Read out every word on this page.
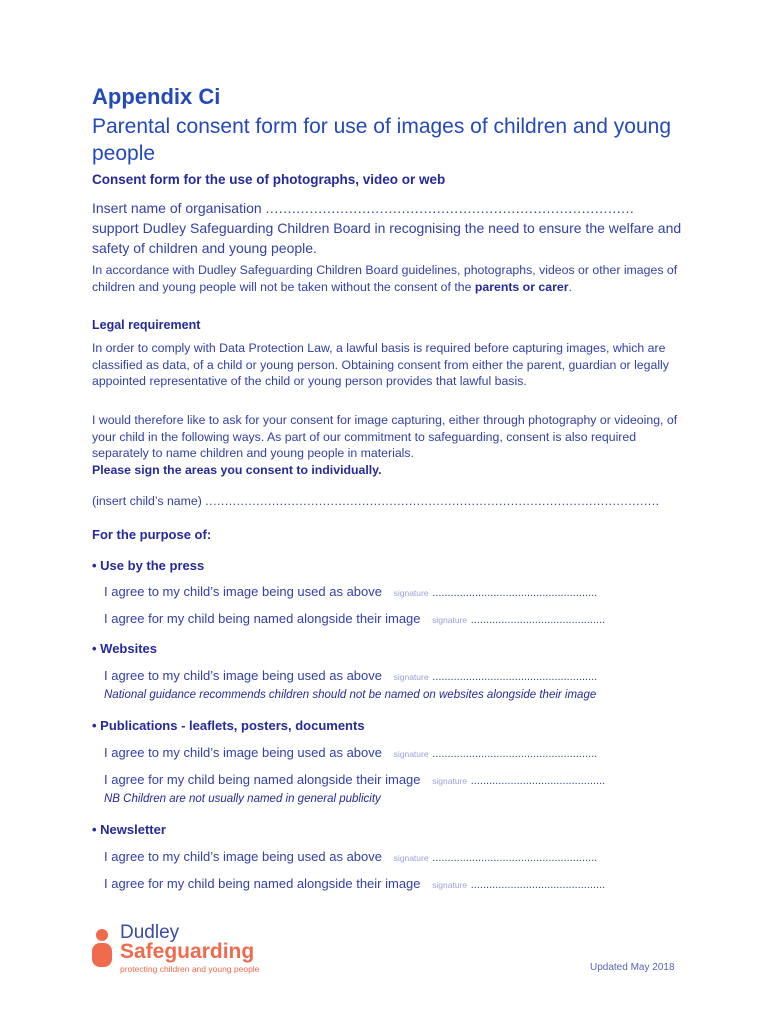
Appendix Ci
Parental consent form for use of images of children and young people

Consent form for the use of photographs, video or web

Insert name of organisation .................................................................................... support Dudley Safeguarding Children Board in recognising the need to ensure the welfare and safety of children and young people.

In accordance with Dudley Safeguarding Children Board guidelines, photographs, videos or other images of children and young people will not be taken without the consent of the parents or carer.

Legal requirement

In order to comply with Data Protection Law, a lawful basis is required before capturing images, which are classified as data, of a child or young person. Obtaining consent from either the parent, guardian or legally appointed representative of the child or young person provides that lawful basis.

I would therefore like to ask for your consent for image capturing, either through photography or videoing, of your child in the following ways. As part of our commitment to safeguarding, consent is also required separately to name children and young people in materials.
Please sign the areas you consent to individually.

(insert child’s name) ....................................................................................................................

For the purpose of:

• Use by the press

I agree to my child’s image being used as above signature ......................................................

I agree for my child being named alongside their image signature ............................................

• Websites

I agree to my child’s image being used as above signature ......................................................

National guidance recommends children should not be named on websites alongside their image

• Publications - leaflets, posters, documents

I agree to my child’s image being used as above signature ......................................................

I agree for my child being named alongside their image signature ............................................

NB Children are not usually named in general publicity

• Newsletter

I agree to my child’s image being used as above signature ......................................................

I agree for my child being named alongside their image signature ............................................

Dudley

Safeguarding

protecting children and young people	Updated May 2018
